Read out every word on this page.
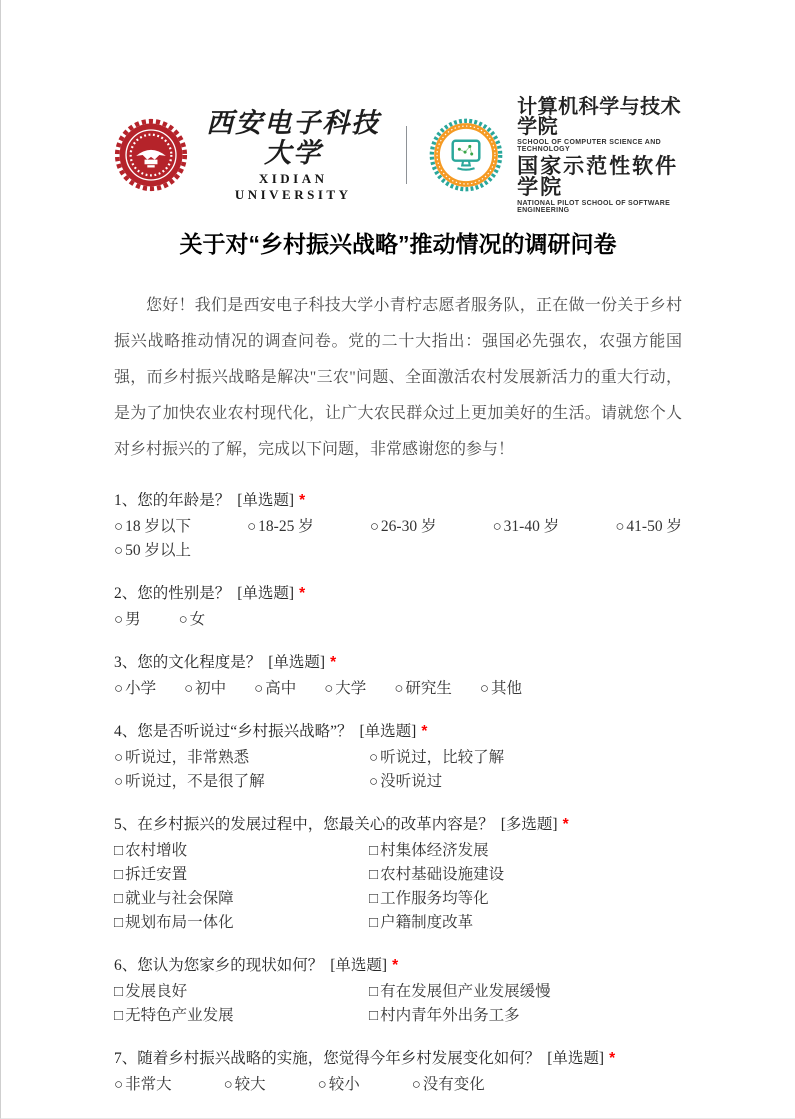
西安电子科技大学
XIDIAN UNIVERSITY
计算机科学与技术学院
SCHOOL OF COMPUTER SCIENCE AND TECHNOLOGY
国家示范性软件学院
NATIONAL PILOT SCHOOL OF SOFTWARE ENGINEERING
关于对“乡村振兴战略”推动情况的调研问卷

您好！我们是西安电子科技大学小青柠志愿者服务队，正在做一份关于乡村振兴战略推动情况的调查问卷。党的二十大指出：强国必先强农，农强方能国强，而乡村振兴战略是解决"三农"问题、全面激活农村发展新活力的重大行动，是为了加快农业农村现代化，让广大农民群众过上更加美好的生活。请就您个人对乡村振兴的了解，完成以下问题，非常感谢您的参与！

1、您的年龄是？ [单选题] *
○ 18 岁以下	○ 18-25 岁	○ 26-30 岁	○ 31-40 岁	○ 41-50 岁
○ 50 岁以上
2、您的性别是？ [单选题] *
○ 男	○ 女
3、您的文化程度是？ [单选题] *
○ 小学 ○ 初中 ○ 高中 ○ 大学 ○ 研究生 ○ 其他
4、您是否听说过“乡村振兴战略”？ [单选题] *
○ 听说过，非常熟悉	○ 听说过，比较了解
○ 听说过，不是很了解	○ 没听说过
5、在乡村振兴的发展过程中，您最关心的改革内容是？ [多选题] *
□ 农村增收	□ 村集体经济发展
□ 拆迁安置	□ 农村基础设施建设
□ 就业与社会保障	□ 工作服务均等化
□ 规划布局一体化	□ 户籍制度改革
6、您认为您家乡的现状如何？ [单选题] *
□ 发展良好	□ 有在发展但产业发展缓慢
□ 无特色产业发展	□ 村内青年外出务工多
7、随着乡村振兴战略的实施，您觉得今年乡村发展变化如何？ [单选题] *
○ 非常大	○ 较大	○ 较小	○ 没有变化
